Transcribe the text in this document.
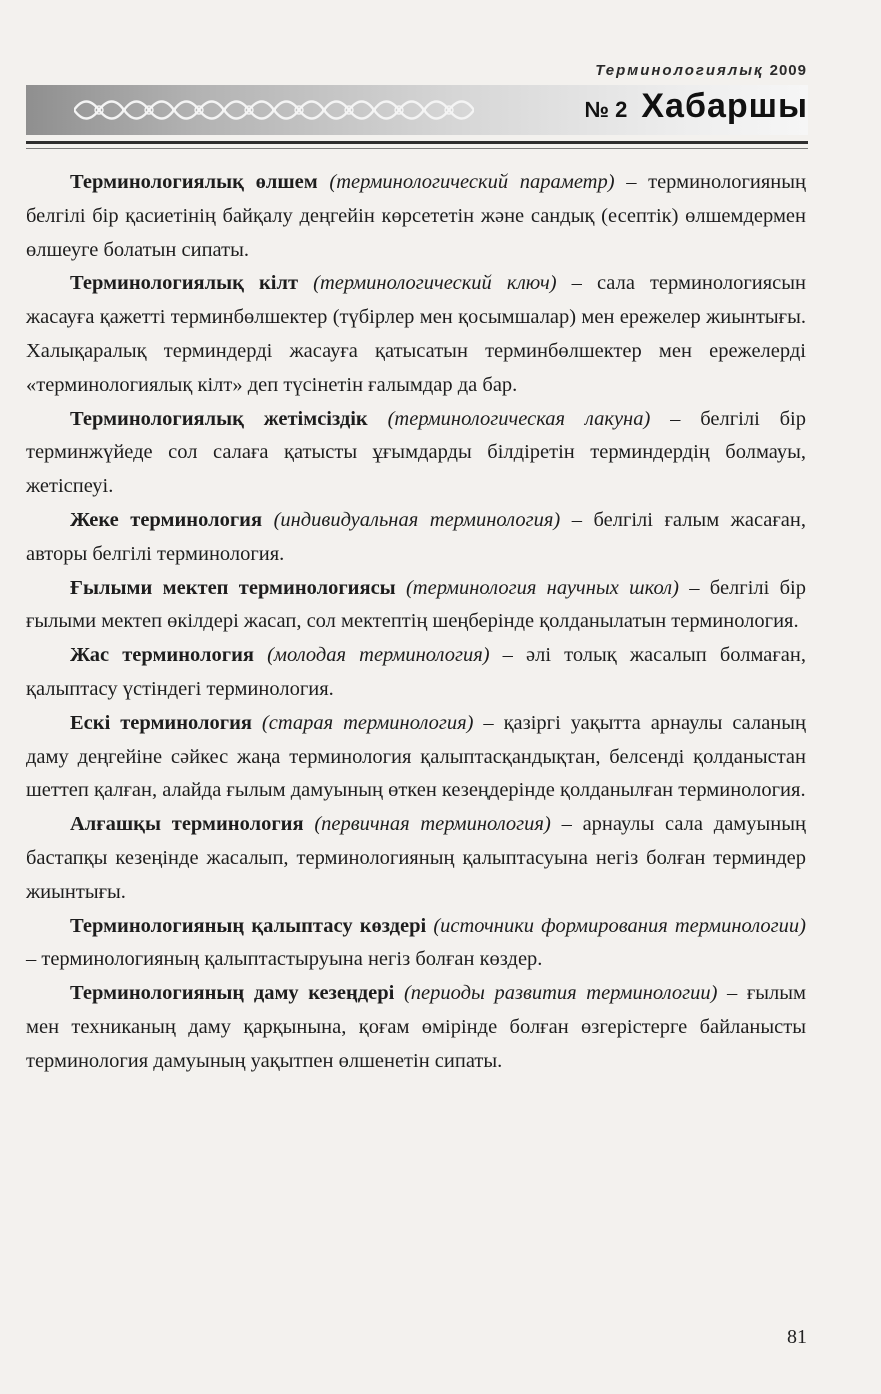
Терминологиялық 2009
№ 2 Хабаршы

Терминологиялық өлшем (терминологический параметр) – терминологияның белгілі бір қасиетінің байқалу деңгейін көрсететін және сандық (есептік) өлшемдермен өлшеуге болатын сипаты.

Терминологиялық кілт (терминологический ключ) – сала терминологиясын жасауға қажетті терминбөлшектер (түбірлер мен қосымшалар) мен ережелер жиынтығы. Халықаралық терминдерді жасауға қатысатын терминбөлшектер мен ережелерді «терминологиялық кілт» деп түсінетін ғалымдар да бар.

Терминологиялық жетімсіздік (терминологическая лакуна) – белгілі бір терминжүйеде сол салаға қатысты ұғымдарды білдіретін терминдердің болмауы, жетіспеуі.

Жеке терминология (индивидуальная терминология) – белгілі ғалым жасаған, авторы белгілі терминология.

Ғылыми мектеп терминологиясы (терминология научных школ) – белгілі бір ғылыми мектеп өкілдері жасап, сол мектептің шеңберінде қолданылатын терминология.

Жас терминология (молодая терминология) – әлі толық жасалып болмаған, қалыптасу үстіндегі терминология.

Ескі терминология (старая терминология) – қазіргі уақытта арнаулы саланың даму деңгейіне сәйкес жаңа терминология қалыптасқандықтан, белсенді қолданыстан шеттеп қалған, алайда ғылым дамуының өткен кезеңдерінде қолданылған терминология.

Алғашқы терминология (первичная терминология) – арнаулы сала дамуының бастапқы кезеңінде жасалып, терминологияның қалыптасуына негіз болған терминдер жиынтығы.

Терминологияның қалыптасу көздері (источники формирования терминологии) – терминологияның қалыптастыруына негіз болған көздер.

Терминологияның даму кезеңдері (периоды развития терминологии) – ғылым мен техниканың даму қарқынына, қоғам өмірінде болған өзгерістерге байланысты терминология дамуының уақытпен өлшенетін сипаты.

81
